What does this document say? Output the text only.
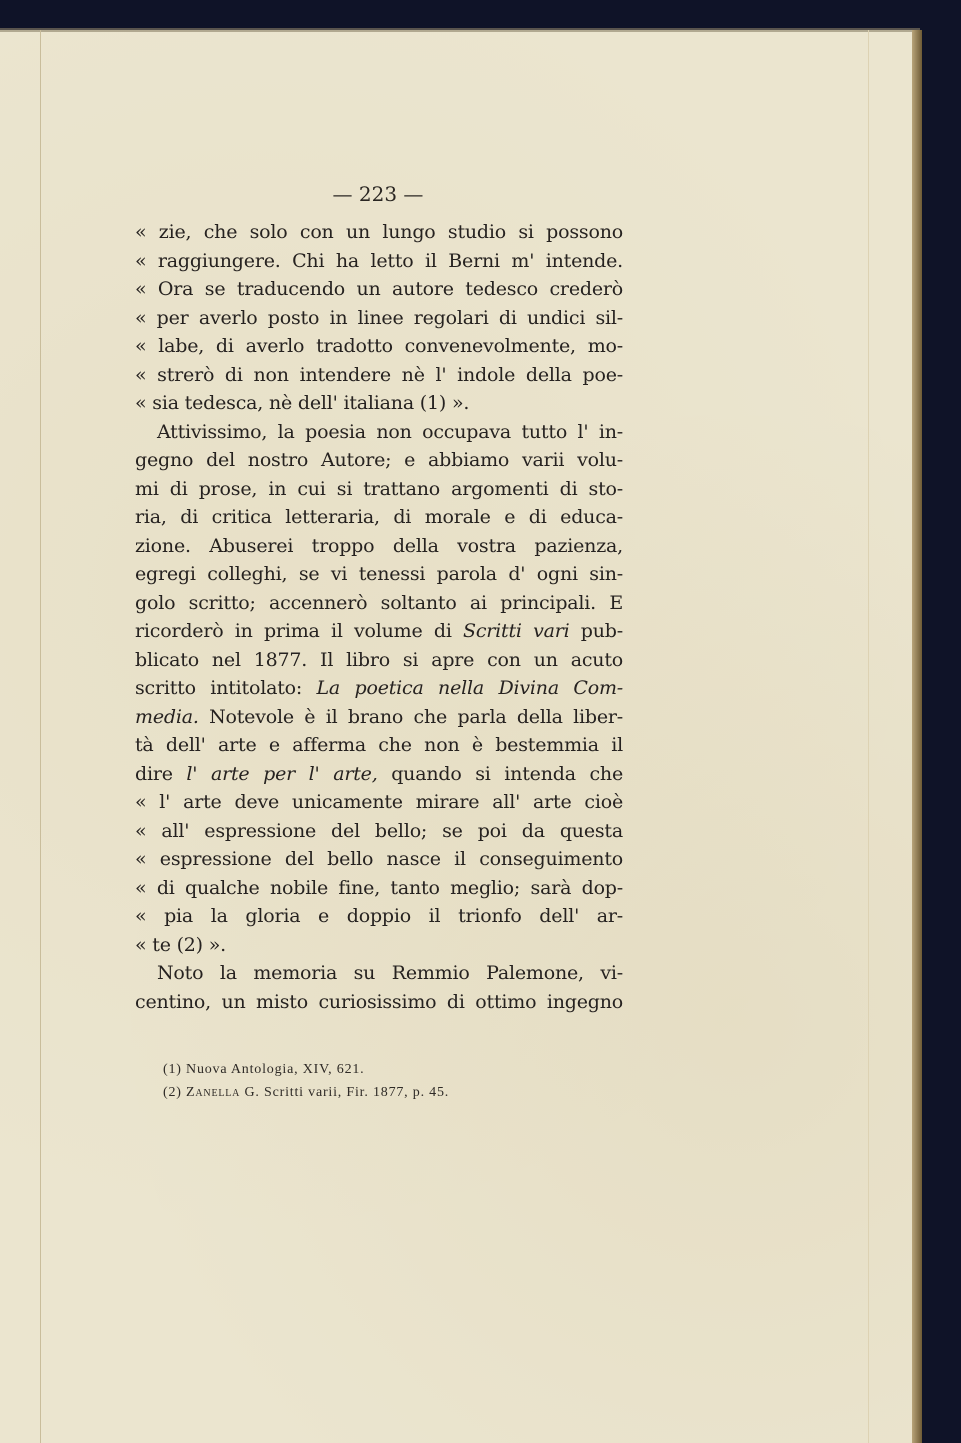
— 223 —
« zie, che solo con un lungo studio si possono
« raggiungere. Chi ha letto il Berni m' intende.
« Ora se traducendo un autore tedesco crederò
« per averlo posto in linee regolari di undici sil-
« labe, di averlo tradotto convenevolmente, mo-
« strerò di non intendere nè l' indole della poe-
« sia tedesca, nè dell' italiana (1) ».
Attivissimo, la poesia non occupava tutto l' in-
gegno del nostro Autore; e abbiamo varii volu-
mi di prose, in cui si trattano argomenti di sto-
ria, di critica letteraria, di morale e di educa-
zione. Abuserei troppo della vostra pazienza,
egregi colleghi, se vi tenessi parola d' ogni sin-
golo scritto; accennerò soltanto ai principali. E
ricorderò in prima il volume di Scritti vari pub-
blicato nel 1877. Il libro si apre con un acuto
scritto intitolato: La poetica nella Divina Com-
media. Notevole è il brano che parla della liber-
tà dell' arte e afferma che non è bestemmia il
dire l' arte per l' arte, quando si intenda che
« l' arte deve unicamente mirare all' arte cioè
« all' espressione del bello; se poi da questa
« espressione del bello nasce il conseguimento
« di qualche nobile fine, tanto meglio; sarà dop-
« pia la gloria e doppio il trionfo dell' ar-
« te (2) ».
Noto la memoria su Remmio Palemone, vi-
centino, un misto curiosissimo di ottimo ingegno
(1) Nuova Antologia, XIV, 621.
(2) Zanella G. Scritti varii, Fir. 1877, p. 45.
